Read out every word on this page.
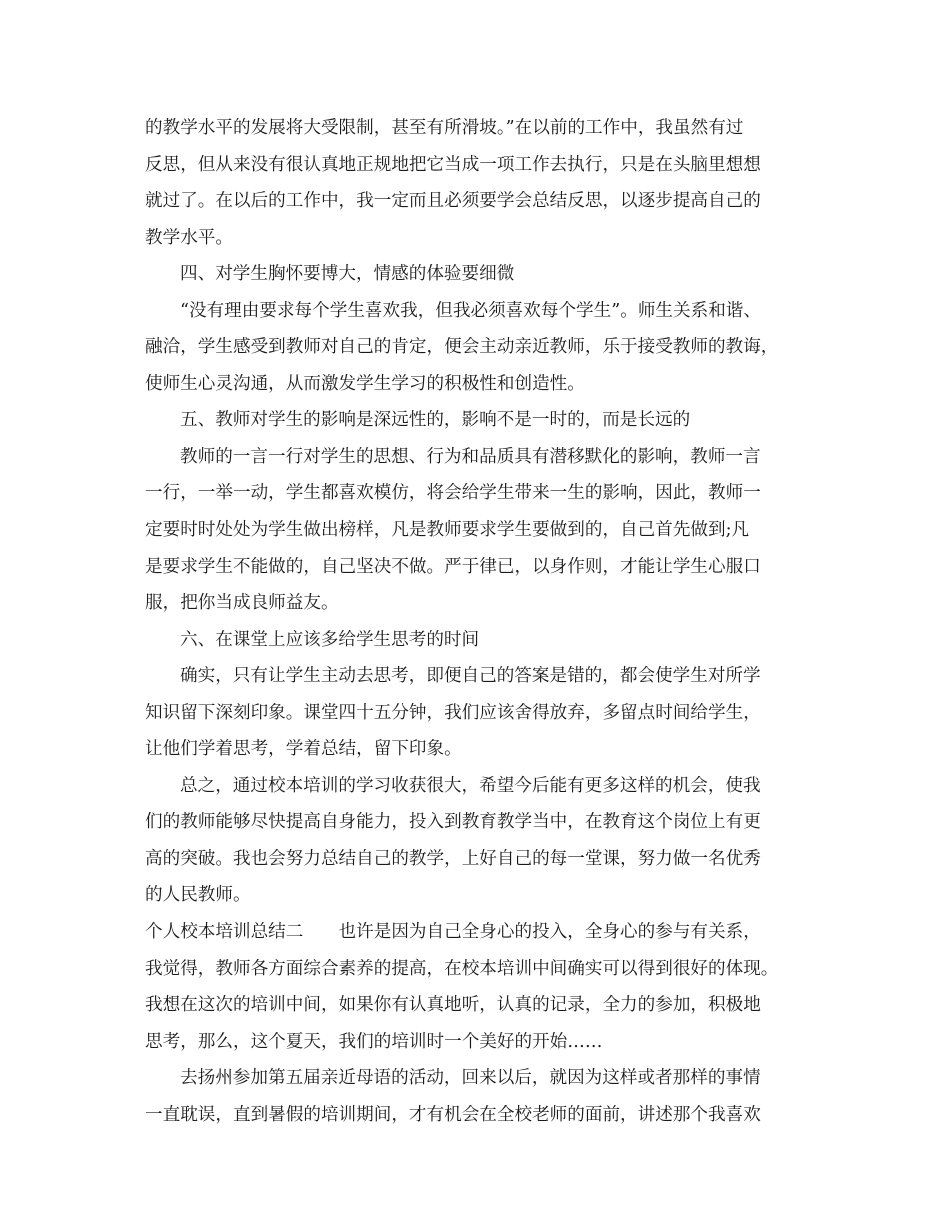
的教学水平的发展将大受限制，甚至有所滑坡。”在以前的工作中，我虽然有过
反思，但从来没有很认真地正规地把它当成一项工作去执行，只是在头脑里想想
就过了。在以后的工作中，我一定而且必须要学会总结反思，以逐步提高自己的
教学水平。
四、对学生胸怀要博大，情感的体验要细微
“没有理由要求每个学生喜欢我，但我必须喜欢每个学生”。师生关系和谐、
融洽，学生感受到教师对自己的肯定，便会主动亲近教师，乐于接受教师的教诲，
使师生心灵沟通，从而激发学生学习的积极性和创造性。
五、教师对学生的影响是深远性的，影响不是一时的，而是长远的
教师的一言一行对学生的思想、行为和品质具有潜移默化的影响，教师一言
一行，一举一动，学生都喜欢模仿，将会给学生带来一生的影响，因此，教师一
定要时时处处为学生做出榜样，凡是教师要求学生要做到的，自己首先做到;凡
是要求学生不能做的，自己坚决不做。严于律已，以身作则，才能让学生心服口
服，把你当成良师益友。
六、在课堂上应该多给学生思考的时间
确实，只有让学生主动去思考，即便自己的答案是错的，都会使学生对所学
知识留下深刻印象。课堂四十五分钟，我们应该舍得放弃，多留点时间给学生，
让他们学着思考，学着总结，留下印象。
总之，通过校本培训的学习收获很大，希望今后能有更多这样的机会，使我
们的教师能够尽快提高自身能力，投入到教育教学当中，在教育这个岗位上有更
高的突破。我也会努力总结自己的教学，上好自己的每一堂课，努力做一名优秀
的人民教师。
个人校本培训总结二　　也许是因为自己全身心的投入，全身心的参与有关系，
我觉得，教师各方面综合素养的提高，在校本培训中间确实可以得到很好的体现。
我想在这次的培训中间，如果你有认真地听，认真的记录，全力的参加，积极地
思考，那么，这个夏天，我们的培训时一个美好的开始……
去扬州参加第五届亲近母语的活动，回来以后，就因为这样或者那样的事情
一直耽误，直到暑假的培训期间，才有机会在全校老师的面前，讲述那个我喜欢
